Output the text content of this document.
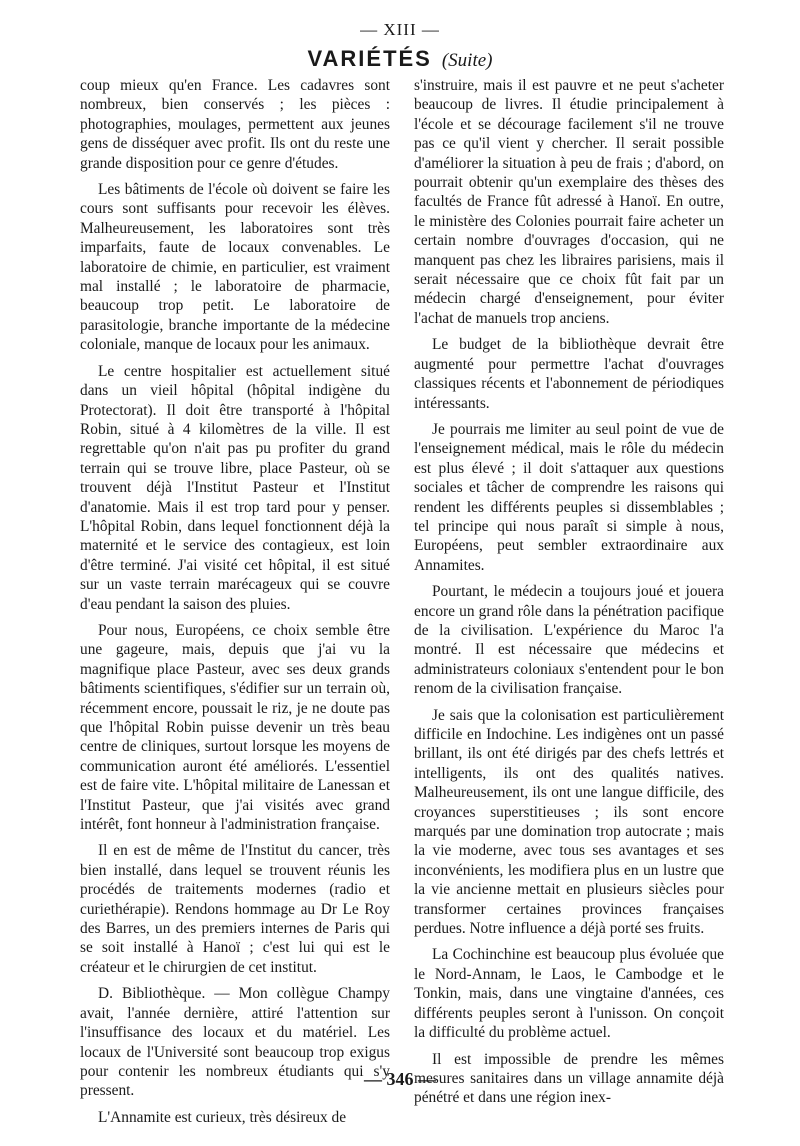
— XIII —
VARIÉTÉS (Suite)

coup mieux qu'en France. Les cadavres sont nombreux, bien conservés ; les pièces : photographies, moulages, permettent aux jeunes gens de disséquer avec profit. Ils ont du reste une grande disposition pour ce genre d'études.

Les bâtiments de l'école où doivent se faire les cours sont suffisants pour recevoir les élèves. Malheureusement, les laboratoires sont très imparfaits, faute de locaux convenables. Le laboratoire de chimie, en particulier, est vraiment mal installé ; le laboratoire de pharmacie, beaucoup trop petit. Le laboratoire de parasitologie, branche importante de la médecine coloniale, manque de locaux pour les animaux.

Le centre hospitalier est actuellement situé dans un vieil hôpital (hôpital indigène du Protectorat). Il doit être transporté à l'hôpital Robin, situé à 4 kilomètres de la ville. Il est regrettable qu'on n'ait pas pu profiter du grand terrain qui se trouve libre, place Pasteur, où se trouvent déjà l'Institut Pasteur et l'Institut d'anatomie. Mais il est trop tard pour y penser. L'hôpital Robin, dans lequel fonctionnent déjà la maternité et le service des contagieux, est loin d'être terminé. J'ai visité cet hôpital, il est situé sur un vaste terrain marécageux qui se couvre d'eau pendant la saison des pluies.

Pour nous, Européens, ce choix semble être une gageure, mais, depuis que j'ai vu la magnifique place Pasteur, avec ses deux grands bâtiments scientifiques, s'édifier sur un terrain où, récemment encore, poussait le riz, je ne doute pas que l'hôpital Robin puisse devenir un très beau centre de cliniques, surtout lorsque les moyens de communication auront été améliorés. L'essentiel est de faire vite. L'hôpital militaire de Lanessan et l'Institut Pasteur, que j'ai visités avec grand intérêt, font honneur à l'administration française.

Il en est de même de l'Institut du cancer, très bien installé, dans lequel se trouvent réunis les procédés de traitements modernes (radio et curiethérapie). Rendons hommage au Dr Le Roy des Barres, un des premiers internes de Paris qui se soit installé à Hanoï ; c'est lui qui est le créateur et le chirurgien de cet institut.

D. Bibliothèque. — Mon collègue Champy avait, l'année dernière, attiré l'attention sur l'insuffisance des locaux et du matériel. Les locaux de l'Université sont beaucoup trop exigus pour contenir les nombreux étudiants qui s'y pressent.

L'Annamite est curieux, très désireux de

s'instruire, mais il est pauvre et ne peut s'acheter beaucoup de livres. Il étudie principalement à l'école et se décourage facilement s'il ne trouve pas ce qu'il vient y chercher. Il serait possible d'améliorer la situation à peu de frais ; d'abord, on pourrait obtenir qu'un exemplaire des thèses des facultés de France fût adressé à Hanoï. En outre, le ministère des Colonies pourrait faire acheter un certain nombre d'ouvrages d'occasion, qui ne manquent pas chez les libraires parisiens, mais il serait nécessaire que ce choix fût fait par un médecin chargé d'enseignement, pour éviter l'achat de manuels trop anciens.

Le budget de la bibliothèque devrait être augmenté pour permettre l'achat d'ouvrages classiques récents et l'abonnement de périodiques intéressants.

Je pourrais me limiter au seul point de vue de l'enseignement médical, mais le rôle du médecin est plus élevé ; il doit s'attaquer aux questions sociales et tâcher de comprendre les raisons qui rendent les différents peuples si dissemblables ; tel principe qui nous paraît si simple à nous, Européens, peut sembler extraordinaire aux Annamites.

Pourtant, le médecin a toujours joué et jouera encore un grand rôle dans la pénétration pacifique de la civilisation. L'expérience du Maroc l'a montré. Il est nécessaire que médecins et administrateurs coloniaux s'entendent pour le bon renom de la civilisation française.

Je sais que la colonisation est particulièrement difficile en Indochine. Les indigènes ont un passé brillant, ils ont été dirigés par des chefs lettrés et intelligents, ils ont des qualités natives. Malheureusement, ils ont une langue difficile, des croyances superstitieuses ; ils sont encore marqués par une domination trop autocrate ; mais la vie moderne, avec tous ses avantages et ses inconvénients, les modifiera plus en un lustre que la vie ancienne mettait en plusieurs siècles pour transformer certaines provinces françaises perdues. Notre influence a déjà porté ses fruits.

La Cochinchine est beaucoup plus évoluée que le Nord-Annam, le Laos, le Cambodge et le Tonkin, mais, dans une vingtaine d'années, ces différents peuples seront à l'unisson. On conçoit la difficulté du problème actuel.

Il est impossible de prendre les mêmes mesures sanitaires dans un village annamite déjà pénétré et dans une région inex-

— 346 —
